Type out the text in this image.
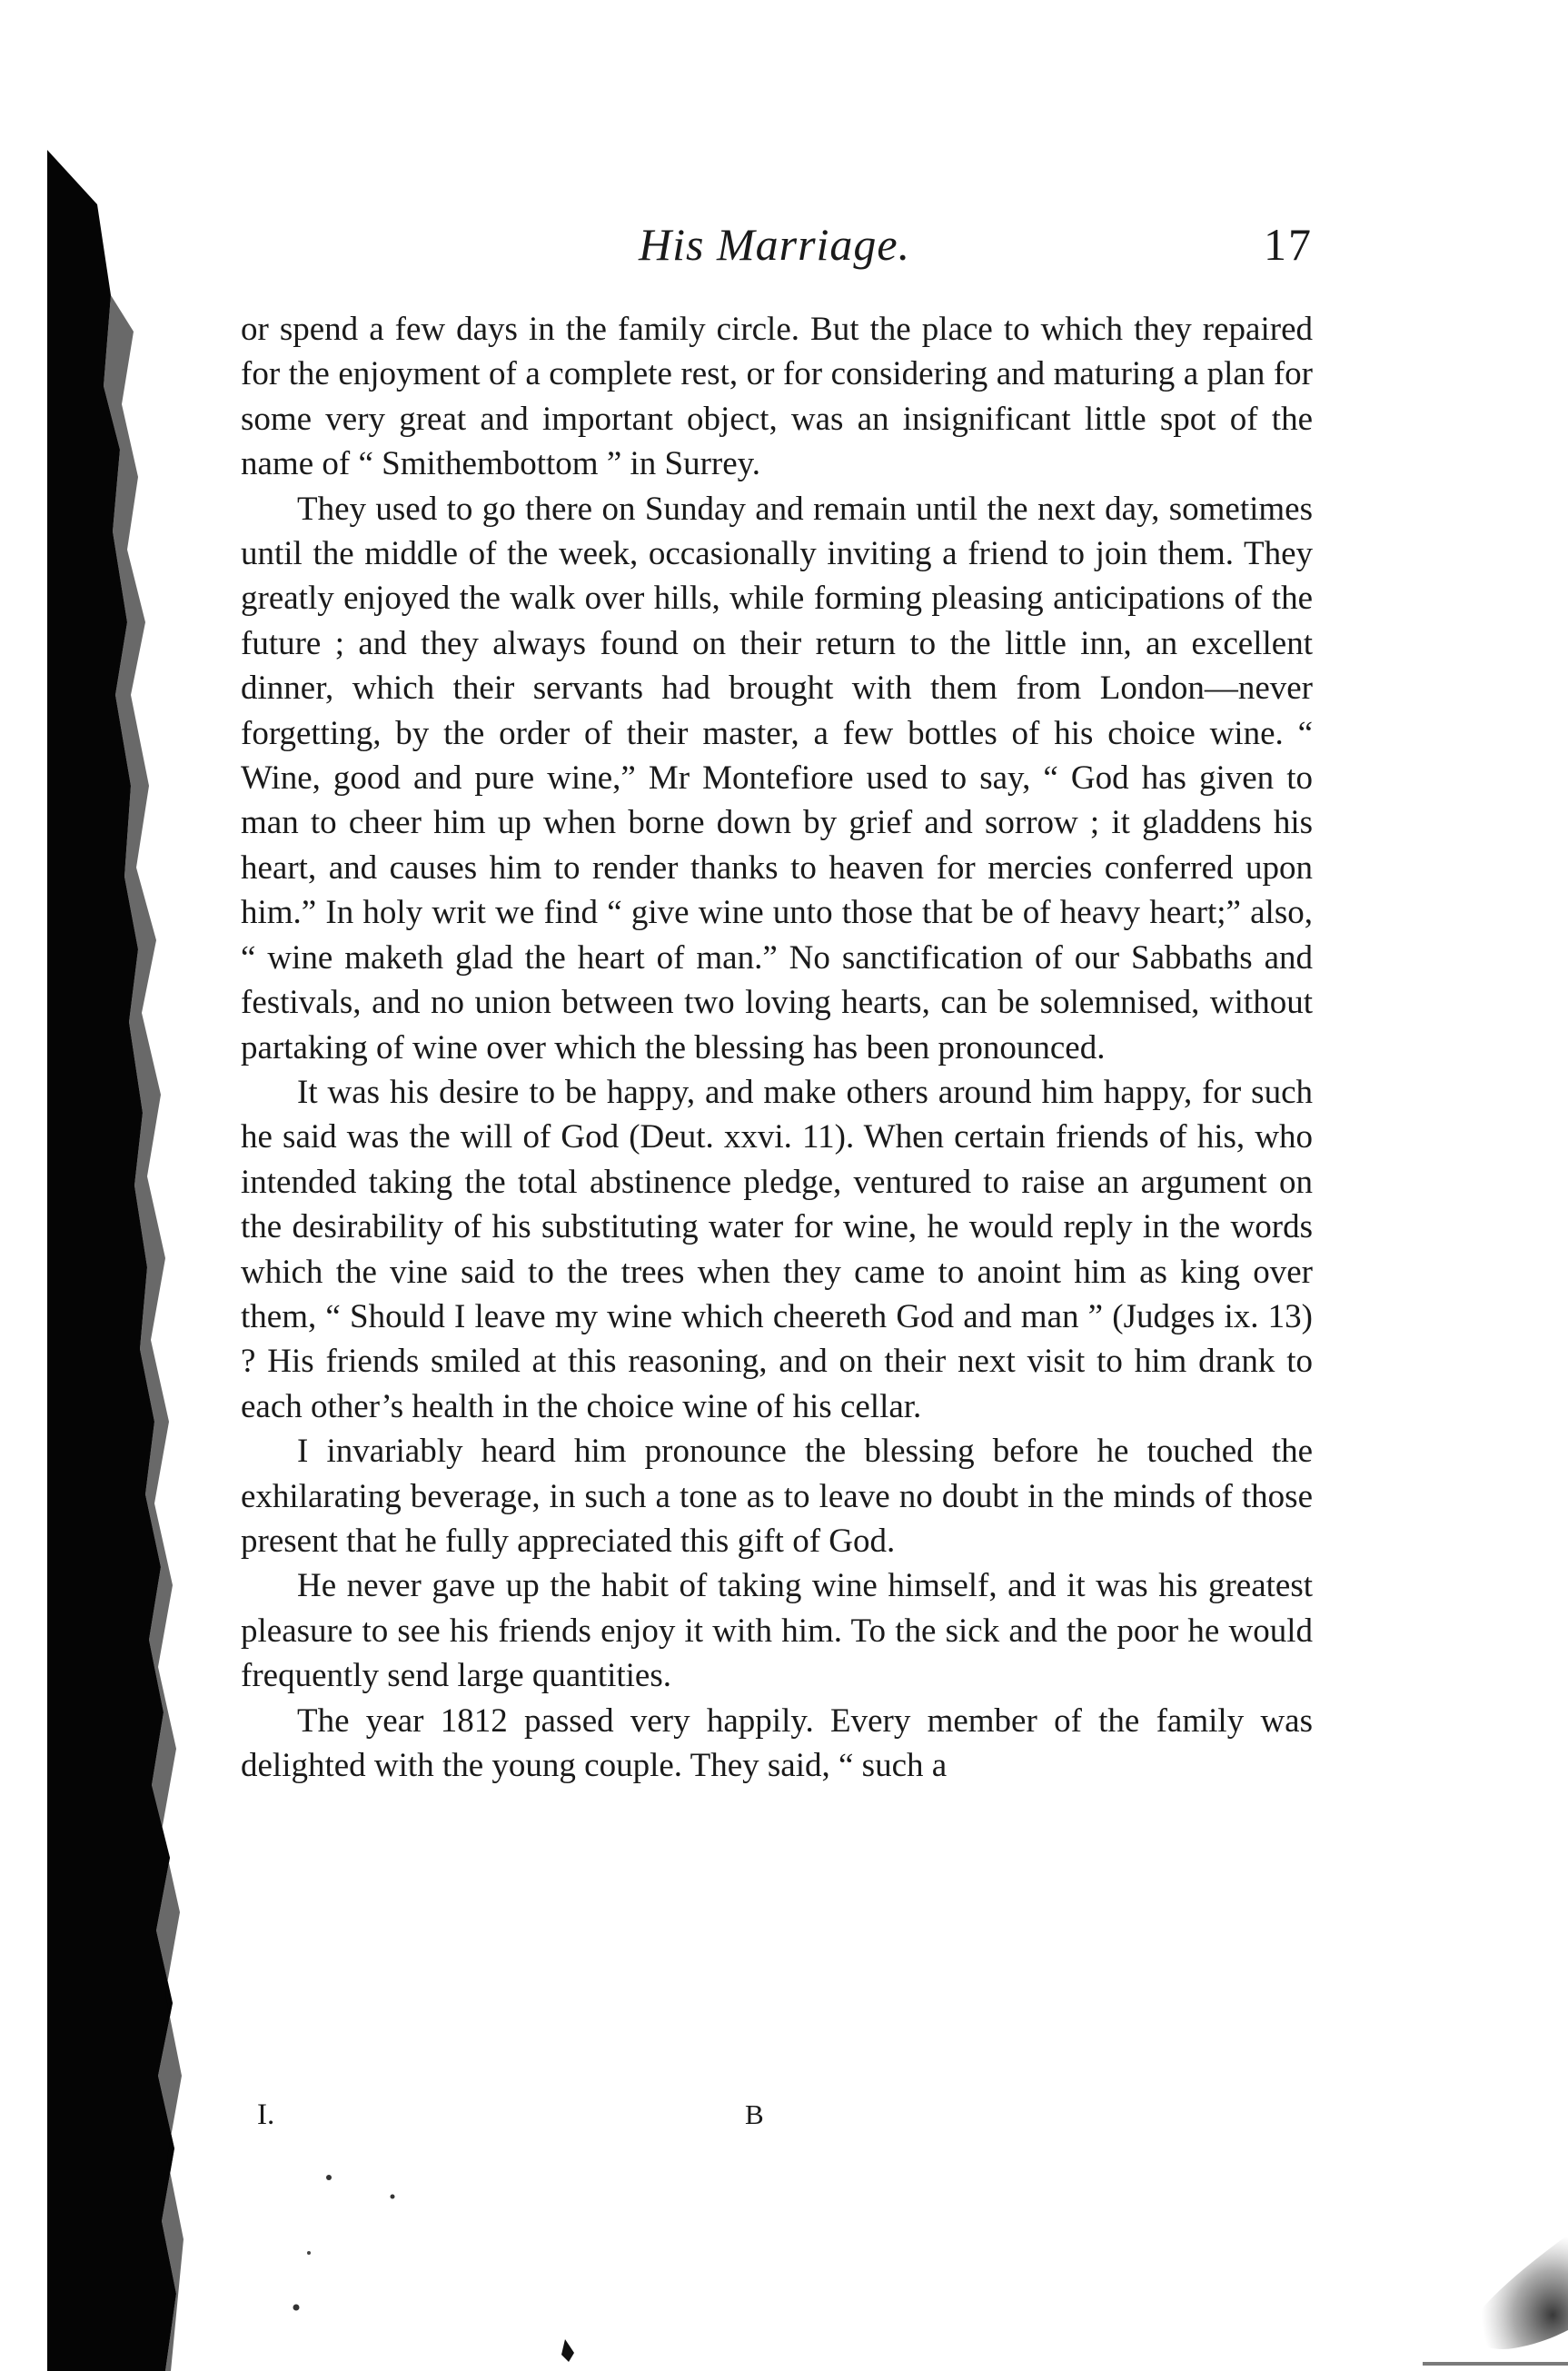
His Marriage.	17

or spend a few days in the family circle. But the place to which they repaired for the enjoyment of a complete rest, or for considering and maturing a plan for some very great and important object, was an insignificant little spot of the name of “ Smithembottom ” in Surrey.

They used to go there on Sunday and remain until the next day, sometimes until the middle of the week, occasionally inviting a friend to join them. They greatly enjoyed the walk over hills, while forming pleasing anticipations of the future ; and they always found on their return to the little inn, an excellent dinner, which their servants had brought with them from London—never forgetting, by the order of their master, a few bottles of his choice wine. “ Wine, good and pure wine,” Mr Montefiore used to say, “ God has given to man to cheer him up when borne down by grief and sorrow ; it gladdens his heart, and causes him to render thanks to heaven for mercies conferred upon him.” In holy writ we find “ give wine unto those that be of heavy heart;” also, “ wine maketh glad the heart of man.” No sanctification of our Sabbaths and festivals, and no union between two loving hearts, can be solemnised, without partaking of wine over which the blessing has been pronounced.

It was his desire to be happy, and make others around him happy, for such he said was the will of God (Deut. xxvi. 11). When certain friends of his, who intended taking the total abstinence pledge, ventured to raise an argument on the desirability of his substituting water for wine, he would reply in the words which the vine said to the trees when they came to anoint him as king over them, “ Should I leave my wine which cheereth God and man ” (Judges ix. 13) ? His friends smiled at this reasoning, and on their next visit to him drank to each other’s health in the choice wine of his cellar.

I invariably heard him pronounce the blessing before he touched the exhilarating beverage, in such a tone as to leave no doubt in the minds of those present that he fully appreciated this gift of God.

He never gave up the habit of taking wine himself, and it was his greatest pleasure to see his friends enjoy it with him. To the sick and the poor he would frequently send large quantities.

The year 1812 passed very happily. Every member of the family was delighted with the young couple. They said, “ such a

I.	B
